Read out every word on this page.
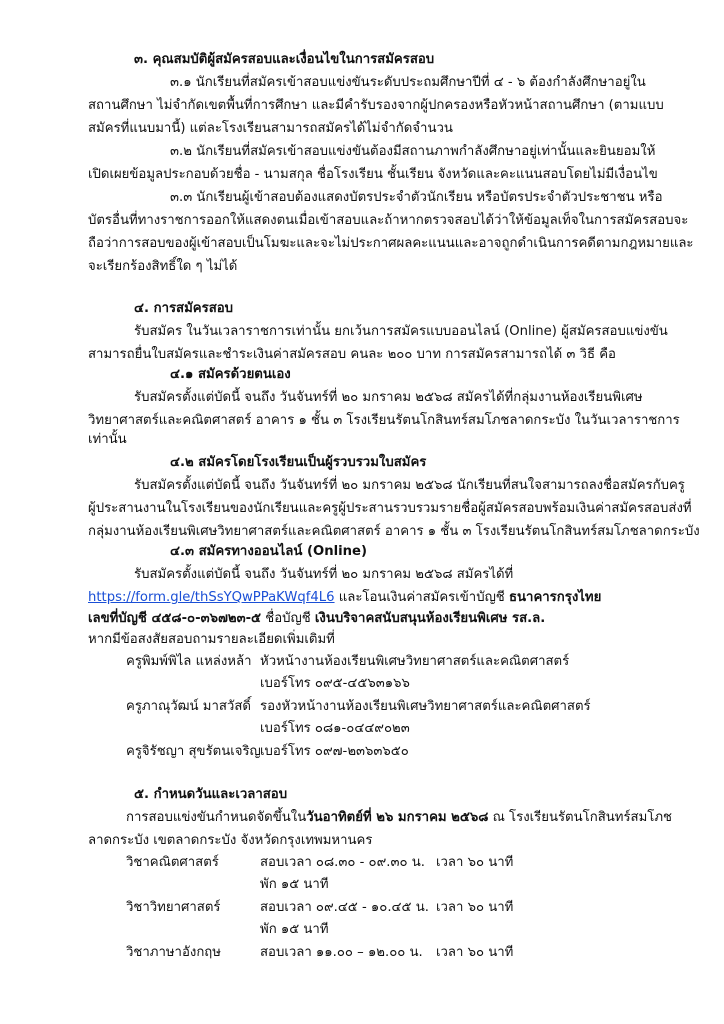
๓. คุณสมบัติผู้สมัครสอบและเงื่อนไขในการสมัครสอบ
๓.๑ นักเรียนที่สมัครเข้าสอบแข่งขันระดับประถมศึกษาปีที่ ๔ - ๖ ต้องกำลังศึกษาอยู่ใน
สถานศึกษา ไม่จำกัดเขตพื้นที่การศึกษา และมีคำรับรองจากผู้ปกครองหรือหัวหน้าสถานศึกษา (ตามแบบ
สมัครที่แนบมานี้) แต่ละโรงเรียนสามารถสมัครได้ไม่จำกัดจำนวน
๓.๒ นักเรียนที่สมัครเข้าสอบแข่งขันต้องมีสถานภาพกำลังศึกษาอยู่เท่านั้นและยินยอมให้
เปิดเผยข้อมูลประกอบด้วยชื่อ - นามสกุล ชื่อโรงเรียน ชั้นเรียน จังหวัดและคะแนนสอบโดยไม่มีเงื่อนไข
๓.๓ นักเรียนผู้เข้าสอบต้องแสดงบัตรประจำตัวนักเรียน หรือบัตรประจำตัวประชาชน หรือ
บัตรอื่นที่ทางราชการออกให้แสดงตนเมื่อเข้าสอบและถ้าหากตรวจสอบได้ว่าให้ข้อมูลเท็จในการสมัครสอบจะ
ถือว่าการสอบของผู้เข้าสอบเป็นโมฆะและจะไม่ประกาศผลคะแนนและอาจถูกดำเนินการคดีตามกฎหมายและ
จะเรียกร้องสิทธิ์ใด ๆ ไม่ได้
๔. การสมัครสอบ
รับสมัคร ในวันเวลาราชการเท่านั้น ยกเว้นการสมัครแบบออนไลน์ (Online) ผู้สมัครสอบแข่งขัน
สามารถยื่นใบสมัครและชำระเงินค่าสมัครสอบ คนละ ๒๐๐ บาท การสมัครสามารถได้ ๓ วิธี คือ
๔.๑ สมัครด้วยตนเอง
รับสมัครตั้งแต่บัดนี้ จนถึง วันจันทร์ที่ ๒๐ มกราคม ๒๕๖๘ สมัครได้ที่กลุ่มงานห้องเรียนพิเศษ
วิทยาศาสตร์และคณิตศาสตร์ อาคาร ๑ ชั้น ๓ โรงเรียนรัตนโกสินทร์สมโภชลาดกระบัง ในวันเวลาราชการ
เท่านั้น
๔.๒ สมัครโดยโรงเรียนเป็นผู้รวบรวมใบสมัคร
รับสมัครตั้งแต่บัดนี้ จนถึง วันจันทร์ที่ ๒๐ มกราคม ๒๕๖๘ นักเรียนที่สนใจสามารถลงชื่อสมัครกับครู
ผู้ประสานงานในโรงเรียนของนักเรียนและครูผู้ประสานรวบรวมรายชื่อผู้สมัครสอบพร้อมเงินค่าสมัครสอบส่งที่
กลุ่มงานห้องเรียนพิเศษวิทยาศาสตร์และคณิตศาสตร์ อาคาร ๑ ชั้น ๓ โรงเรียนรัตนโกสินทร์สมโภชลาดกระบัง
๔.๓ สมัครทางออนไลน์ (Online)
รับสมัครตั้งแต่บัดนี้ จนถึง วันจันทร์ที่ ๒๐ มกราคม ๒๕๖๘ สมัครได้ที่
https://form.gle/thSsYQwPPaKWqf4L6 และโอนเงินค่าสมัครเข้าบัญชี ธนาคารกรุงไทย
เลขที่บัญชี ๔๕๘-๐-๓๖๗๒๓-๕ ชื่อบัญชี เงินบริจาคสนับสนุนห้องเรียนพิเศษ รส.ล.
หากมีข้อสงสัยสอบถามรายละเอียดเพิ่มเติมที่
ครูพิมพ์พิไล แหล่งหล้า หัวหน้างานห้องเรียนพิเศษวิทยาศาสตร์และคณิตศาสตร์
เบอร์โทร ๐๙๕-๔๕๖๓๑๖๖
ครูภาณุวัฒน์ มาสวัสดิ์ รองหัวหน้างานห้องเรียนพิเศษวิทยาศาสตร์และคณิตศาสตร์
เบอร์โทร ๐๘๑-๐๔๔๙๐๒๓
ครูจิรัชญา สุขรัตนเจริญ เบอร์โทร ๐๙๗-๒๓๖๓๖๕๐
๕. กำหนดวันและเวลาสอบ
การสอบแข่งขันกำหนดจัดขึ้นในวันอาทิตย์ที่ ๒๖ มกราคม ๒๕๖๘ ณ โรงเรียนรัตนโกสินทร์สมโภช
ลาดกระบัง เขตลาดกระบัง จังหวัดกรุงเทพมหานคร
วิชาคณิตศาสตร์	สอบเวลา ๐๘.๓๐ - ๐๙.๓๐ น. เวลา ๖๐ นาที
พัก ๑๕ นาที
วิชาวิทยาศาสตร์	สอบเวลา ๐๙.๔๕ - ๑๐.๔๕ น. เวลา ๖๐ นาที
พัก ๑๕ นาที
วิชาภาษาอังกฤษ	สอบเวลา ๑๑.๐๐ – ๑๒.๐๐ น. เวลา ๖๐ นาที
